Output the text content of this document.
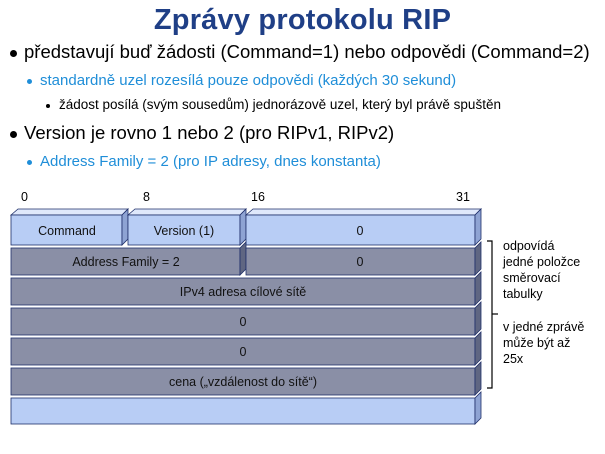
Zprávy protokolu RIP
představují buď žádosti (Command=1) nebo odpovědi (Command=2)
standardně uzel rozesílá pouze odpovědi (každých 30 sekund)
žádost posílá (svým sousedům) jednorázově uzel, který byl právě spuštěn
Version je rovno 1 nebo 2 (pro RIPv1, RIPv2)
Address Family = 2 (pro IP adresy, dnes konstanta)
0	8	16	31
Command	Version (1)	0
Address Family = 2	0
IPv4 adresa cílové sítě
0
0
cena („vzdálenost do sítě“)
odpovídá
jedné položce
směrovací
tabulky
v jedné zprávě
může být až
25x
